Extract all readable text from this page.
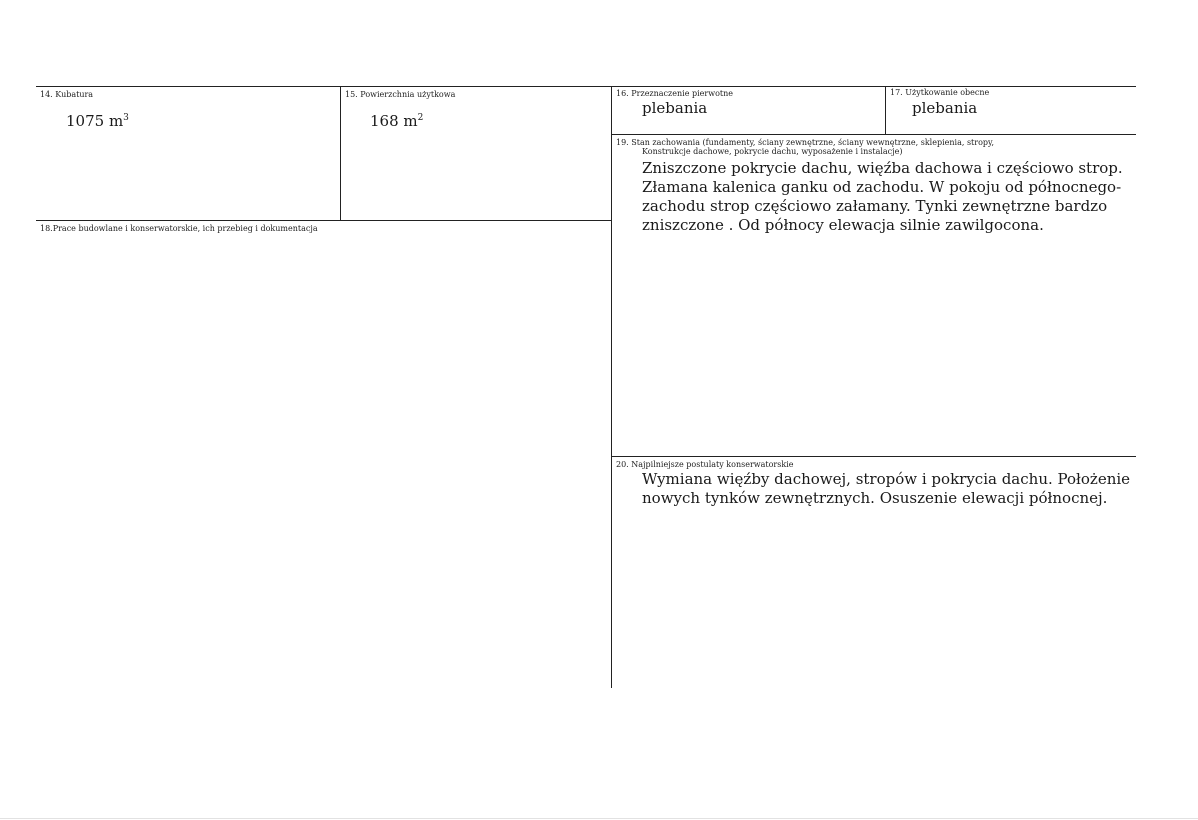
14. Kubatura
1075 $m^3$
15. Powierzchnia użytkowa
168 $m^2$
16. Przeznaczenie pierwotne
plebania
17. Użytkowanie obecne
plebania
18.Prace budowlane i konserwatorskie, ich przebieg i dokumentacja
19. Stan zachowania (fundamenty, ściany zewnętrzne, ściany wewnętrzne, sklepienia, stropy,
Konstrukcje dachowe, pokrycie dachu, wyposażenie i instalacje)
Zniszczone pokrycie dachu, więźba dachowa i częściowo strop.
Złamana kalenica ganku od zachodu. W pokoju od północnego-
zachodu strop częściowo załamany. Tynki zewnętrzne bardzo
zniszczone . Od północy elewacja silnie zawilgocona.
20. Najpilniejsze postulaty konserwatorskie
Wymiana więźby dachowej, stropów i pokrycia dachu. Położenie
nowych tynków zewnętrznych. Osuszenie elewacji północnej.
